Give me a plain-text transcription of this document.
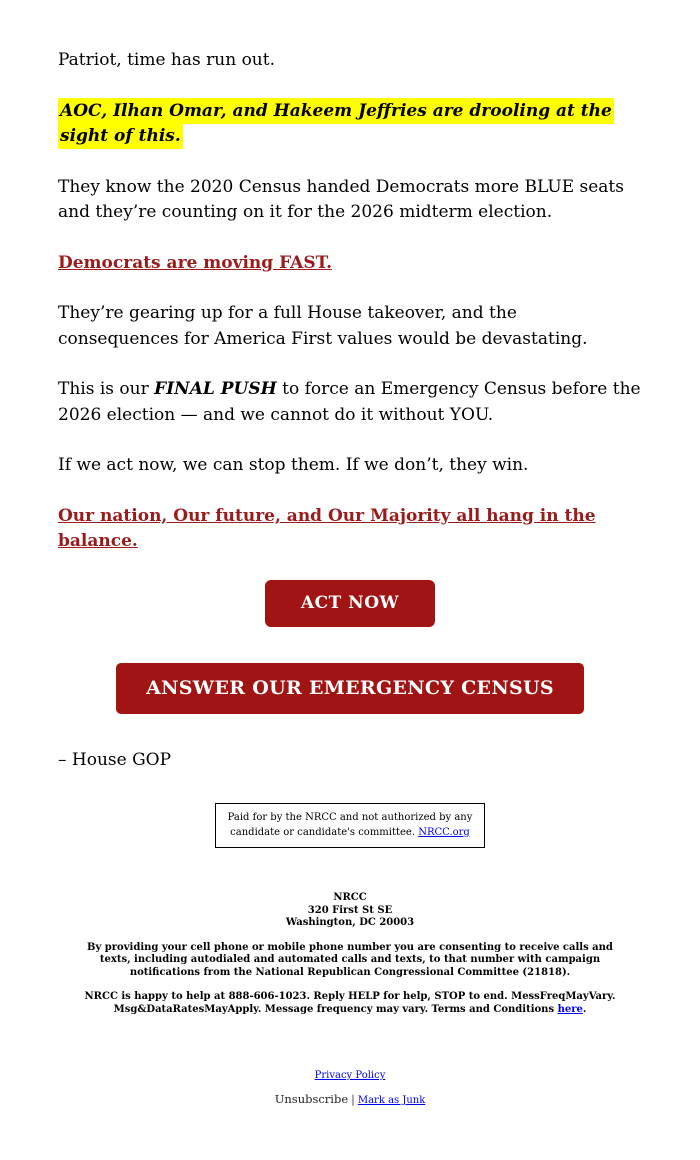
Patriot, time has run out.

AOC, Ilhan Omar, and Hakeem Jeffries are drooling at the sight of this.

They know the 2020 Census handed Democrats more BLUE seats and they’re counting on it for the 2026 midterm election.

Democrats are moving FAST.

They’re gearing up for a full House takeover, and the consequences for America First values would be devastating.

This is our FINAL PUSH to force an Emergency Census before the 2026 election — and we cannot do it without YOU.

If we act now, we can stop them. If we don’t, they win.

Our nation, Our future, and Our Majority all hang in the balance.

ACT NOW
ANSWER OUR EMERGENCY CENSUS

– House GOP

Paid for by the NRCC and not authorized by any candidate or candidate's committee. NRCC.org
NRCC
320 First St SE
Washington, DC 20003

By providing your cell phone or mobile phone number you are consenting to receive calls and texts, including autodialed and automated calls and texts, to that number with campaign notifications from the National Republican Congressional Committee (21818).

NRCC is happy to help at 888-606-1023. Reply HELP for help, STOP to end. MessFreqMayVary. Msg&DataRatesMayApply. Message frequency may vary. Terms and Conditions here.

Privacy Policy
Unsubscribe | Mark as Junk
